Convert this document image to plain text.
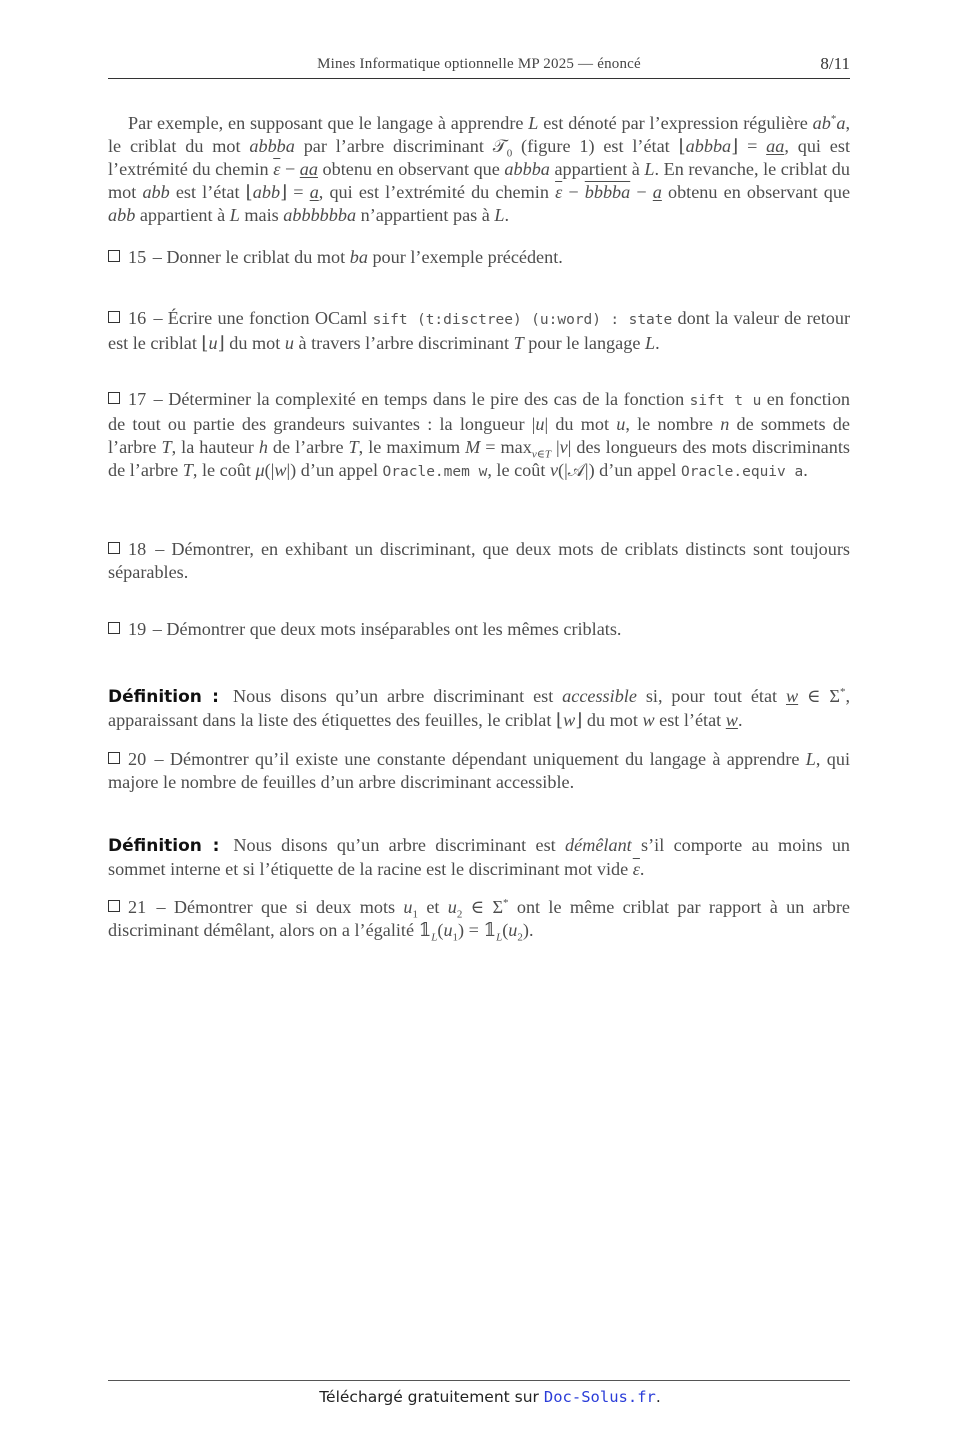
Mines Informatique optionnelle MP 2025 — énoncé	8/11

Par exemple, en supposant que le langage à apprendre L est dénoté par l’expression régulière ab*a, le criblat du mot abbba par l’arbre discriminant 𝒯$_0$ (figure 1) est l’état ⌊abbba⌋ = aa, qui est l’extrémité du chemin $\overline{\varepsilon}$ − aa obtenu en observant que abbba appartient à L. En revanche, le criblat du mot abb est l’état ⌊abb⌋ = a, qui est l’extrémité du chemin $\overline{\varepsilon}$ − bbbba − a obtenu en observant que abb appartient à L mais abbbbbba n’appartient pas à L.

15 – Donner le criblat du mot ba pour l’exemple précédent.

16 – Écrire une fonction OCaml sift (t:disctree) (u:word) : state dont la valeur de retour est le criblat ⌊u⌋ du mot u à travers l’arbre discriminant T pour le langage L.

17 – Déterminer la complexité en temps dans le pire des cas de la fonction sift t u en fonction de tout ou partie des grandeurs suivantes : la longueur |u| du mot u, le nombre n de sommets de l’arbre T, la hauteur h de l’arbre T, le maximum $M = \max_{v\in T} |v|$ des longueurs des mots discriminants de l’arbre T, le coût μ(|w|) d’un appel Oracle.mem w, le coût ν(|𝒜|) d’un appel Oracle.equiv a.

18 – Démontrer, en exhibant un discriminant, que deux mots de criblats distincts sont toujours séparables.

19 – Démontrer que deux mots inséparables ont les mêmes criblats.

Définition : Nous disons qu’un arbre discriminant est accessible si, pour tout état w ∈ Σ*, apparaissant dans la liste des étiquettes des feuilles, le criblat ⌊w⌋ du mot w est l’état w.

20 – Démontrer qu’il existe une constante dépendant uniquement du langage à apprendre L, qui majore le nombre de feuilles d’un arbre discriminant accessible.

Définition : Nous disons qu’un arbre discriminant est démêlant s’il comporte au moins un sommet interne et si l’étiquette de la racine est le discriminant mot vide $\overline{\varepsilon}$.

21 – Démontrer que si deux mots $u_1$ et $u_2$ ∈ Σ* ont le même criblat par rapport à un arbre discriminant démêlant, alors on a l’égalité $𝟙_L(u_1)$ = $𝟙_L(u_2)$.

Téléchargé gratuitement sur Doc-Solus.fr.
